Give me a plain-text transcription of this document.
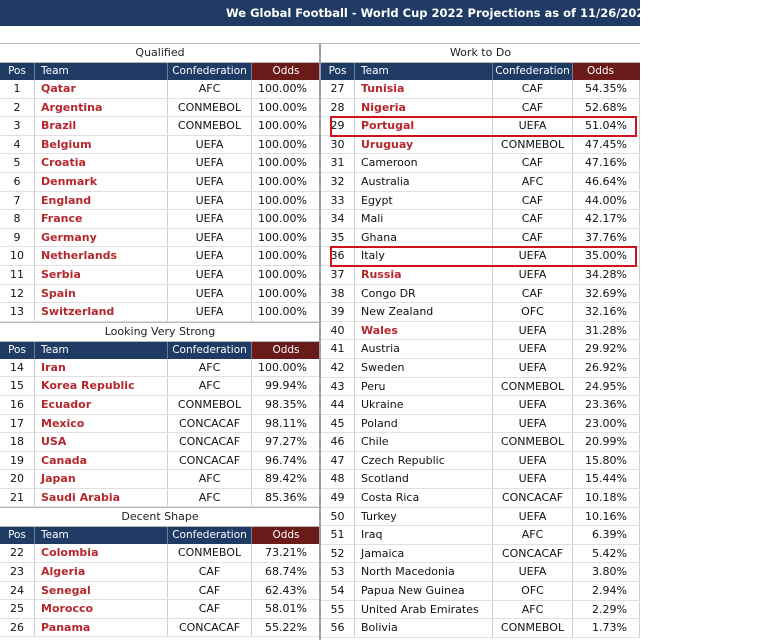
We Global Football - World Cup 2022 Projections as of 11/26/2021 - Follow on Twitter
Qualified
Pos	Team	Confederation	Odds
1	Qatar	AFC	100.00%
2	Argentina	CONMEBOL	100.00%
3	Brazil	CONMEBOL	100.00%
4	Belgium	UEFA	100.00%
5	Croatia	UEFA	100.00%
6	Denmark	UEFA	100.00%
7	England	UEFA	100.00%
8	France	UEFA	100.00%
9	Germany	UEFA	100.00%
10	Netherlands	UEFA	100.00%
11	Serbia	UEFA	100.00%
12	Spain	UEFA	100.00%
13	Switzerland	UEFA	100.00%
Looking Very Strong
Pos	Team	Confederation	Odds
14	Iran	AFC	100.00%
15	Korea Republic	AFC	99.94%
16	Ecuador	CONMEBOL	98.35%
17	Mexico	CONCACAF	98.11%
18	USA	CONCACAF	97.27%
19	Canada	CONCACAF	96.74%
20	Japan	AFC	89.42%
21	Saudi Arabia	AFC	85.36%
Decent Shape
Pos	Team	Confederation	Odds
22	Colombia	CONMEBOL	73.21%
23	Algeria	CAF	68.74%
24	Senegal	CAF	62.43%
25	Morocco	CAF	58.01%
26	Panama	CONCACAF	55.22%
Work to Do
Pos	Team	Confederation	Odds
27	Tunisia	CAF	54.35%
28	Nigeria	CAF	52.68%
29	Portugal	UEFA	51.04%
30	Uruguay	CONMEBOL	47.45%
31	Cameroon	CAF	47.16%
32	Australia	AFC	46.64%
33	Egypt	CAF	44.00%
34	Mali	CAF	42.17%
35	Ghana	CAF	37.76%
36	Italy	UEFA	35.00%
37	Russia	UEFA	34.28%
38	Congo DR	CAF	32.69%
39	New Zealand	OFC	32.16%
40	Wales	UEFA	31.28%
41	Austria	UEFA	29.92%
42	Sweden	UEFA	26.92%
43	Peru	CONMEBOL	24.95%
44	Ukraine	UEFA	23.36%
45	Poland	UEFA	23.00%
46	Chile	CONMEBOL	20.99%
47	Czech Republic	UEFA	15.80%
48	Scotland	UEFA	15.44%
49	Costa Rica	CONCACAF	10.18%
50	Turkey	UEFA	10.16%
51	Iraq	AFC	6.39%
52	Jamaica	CONCACAF	5.42%
53	North Macedonia	UEFA	3.80%
54	Papua New Guinea	OFC	2.94%
55	United Arab Emirates	AFC	2.29%
56	Bolivia	CONMEBOL	1.73%
